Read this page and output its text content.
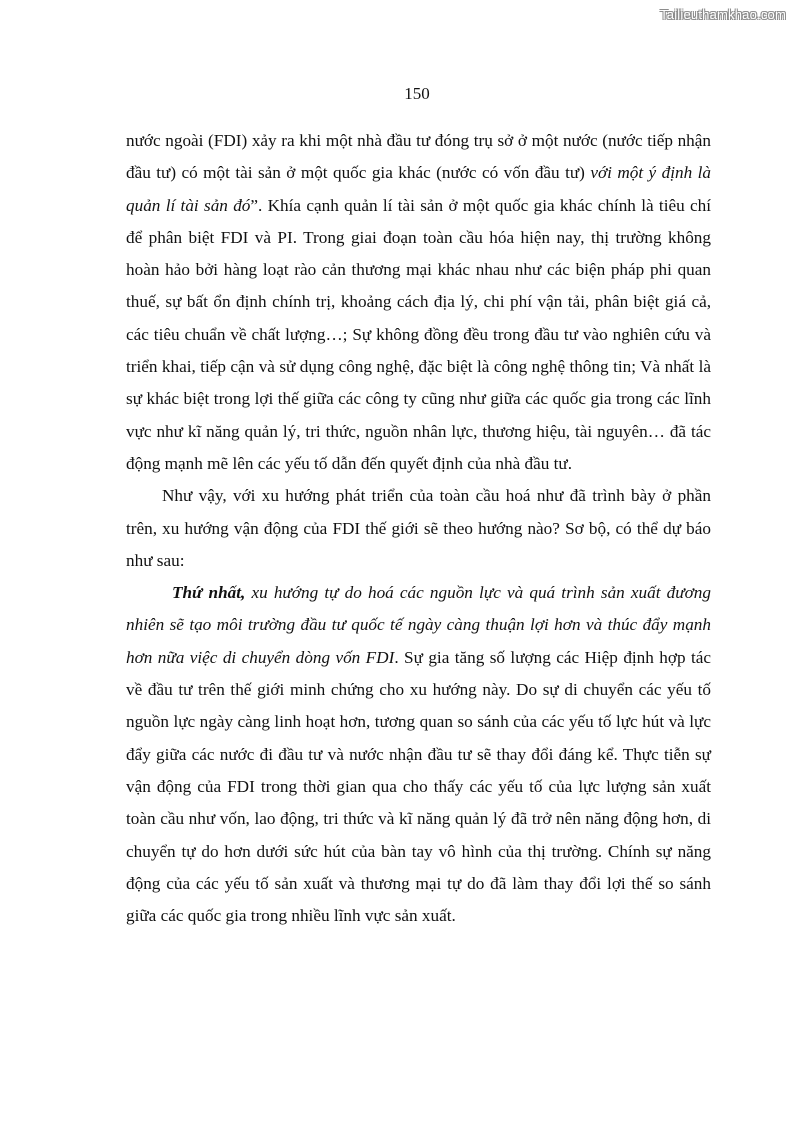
Tailieuthamkhao.com
150

nước ngoài (FDI) xảy ra khi một nhà đầu tư đóng trụ sở ở một nước (nước tiếp nhận đầu tư) có một tài sản ở một quốc gia khác (nước có vốn đầu tư) với một ý định là quản lí tài sản đó”. Khía cạnh quản lí tài sản ở một quốc gia khác chính là tiêu chí để phân biệt FDI và PI. Trong giai đoạn toàn cầu hóa hiện nay, thị trường không hoàn hảo bởi hàng loạt rào cản thương mại khác nhau như các biện pháp phi quan thuế, sự bất ổn định chính trị, khoảng cách địa lý, chi phí vận tải, phân biệt giá cả, các tiêu chuẩn về chất lượng…; Sự không đồng đều trong đầu tư vào nghiên cứu và triển khai, tiếp cận và sử dụng công nghệ, đặc biệt là công nghệ thông tin; Và nhất là sự khác biệt trong lợi thế giữa các công ty cũng như giữa các quốc gia trong các lĩnh vực như kĩ năng quản lý, tri thức, nguồn nhân lực, thương hiệu, tài nguyên… đã tác động mạnh mẽ lên các yếu tố dẫn đến quyết định của nhà đầu tư.

Như vậy, với xu hướng phát triển của toàn cầu hoá như đã trình bày ở phần trên, xu hướng vận động của FDI thế giới sẽ theo hướng nào? Sơ bộ, có thể dự báo như sau:

Thứ nhất, xu hướng tự do hoá các nguồn lực và quá trình sản xuất đương nhiên sẽ tạo môi trường đầu tư quốc tế ngày càng thuận lợi hơn và thúc đẩy mạnh hơn nữa việc di chuyển dòng vốn FDI. Sự gia tăng số lượng các Hiệp định hợp tác về đầu tư trên thế giới minh chứng cho xu hướng này. Do sự di chuyển các yếu tố nguồn lực ngày càng linh hoạt hơn, tương quan so sánh của các yếu tố lực hút và lực đẩy giữa các nước đi đầu tư và nước nhận đầu tư sẽ thay đổi đáng kể. Thực tiễn sự vận động của FDI trong thời gian qua cho thấy các yếu tố của lực lượng sản xuất toàn cầu như vốn, lao động, tri thức và kĩ năng quản lý đã trở nên năng động hơn, di chuyển tự do hơn dưới sức hút của bàn tay vô hình của thị trường. Chính sự năng động của các yếu tố sản xuất và thương mại tự do đã làm thay đổi lợi thế so sánh giữa các quốc gia trong nhiều lĩnh vực sản xuất.
